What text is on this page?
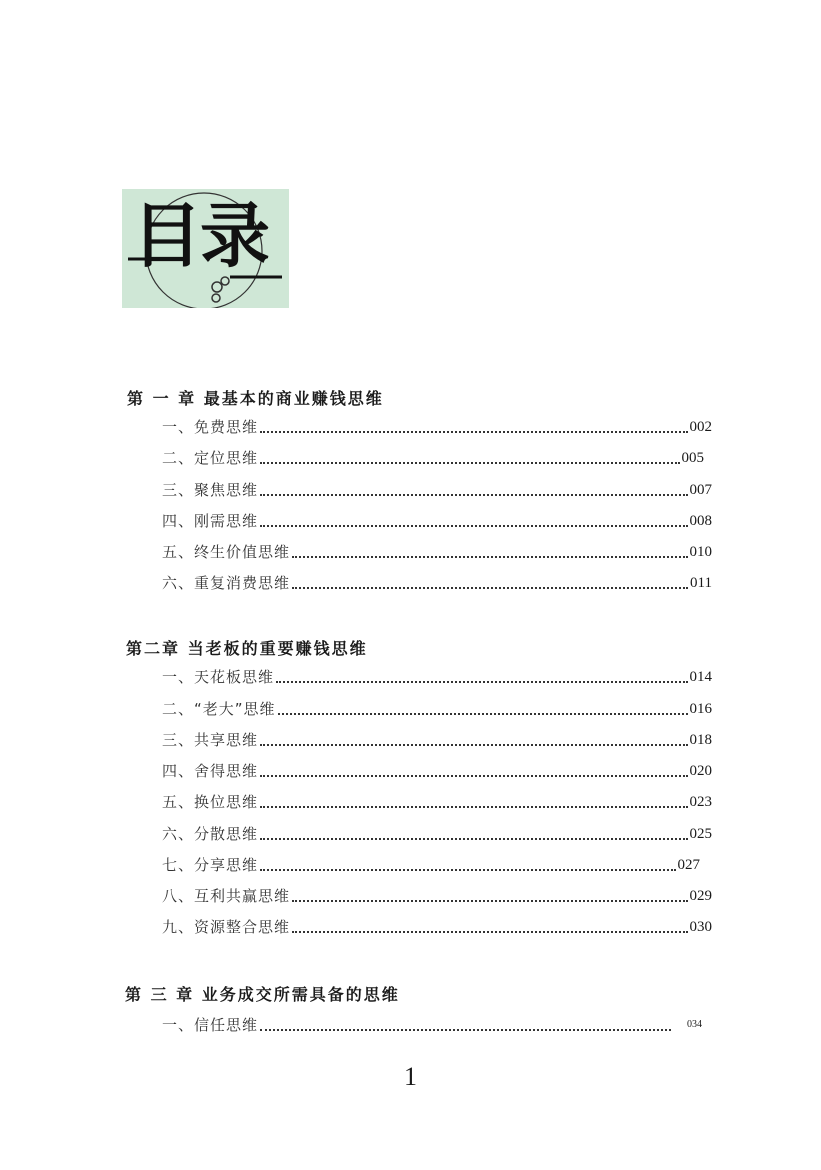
目录
第 一 章 最基本的商业赚钱思维
一、免费思维	002
二、定位思维	005
三、聚焦思维	007
四、刚需思维	008
五、终生价值思维	010
六、重复消费思维	011
第二章 当老板的重要赚钱思维
一、天花板思维	014
二、“老大”思维	016
三、共享思维	018
四、舍得思维	020
五、换位思维	023
六、分散思维	025
七、分享思维	027
八、互利共赢思维	029
九、资源整合思维	030
第 三 章 业务成交所需具备的思维
一、信任思维	034
1
